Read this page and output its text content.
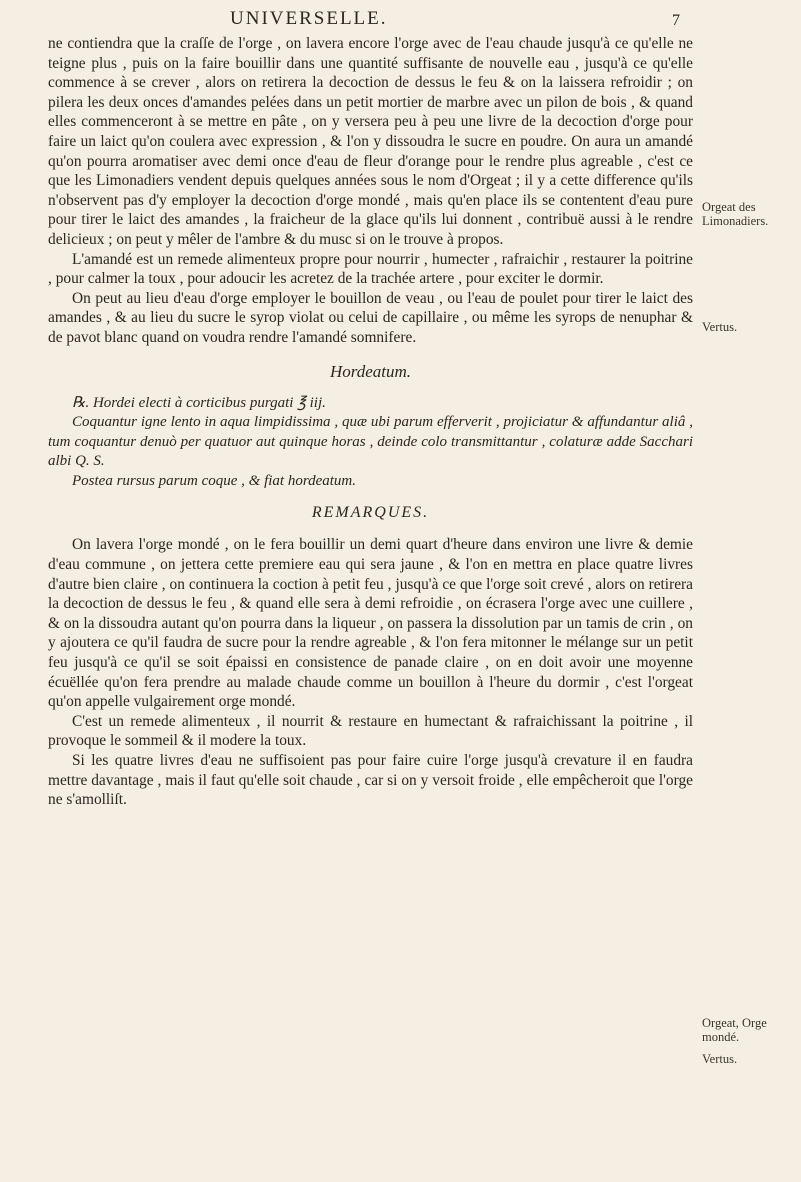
UNIVERSELLE.	7

ne contiendra que la craſſe de l'orge , on lavera encore l'orge avec de l'eau chaude jusqu'à ce qu'elle ne teigne plus , puis on la faire bouillir dans une quantité suffisante de nouvelle eau , jusqu'à ce qu'elle commence à se crever , alors on retirera la decoction de dessus le feu & on la laissera refroidir ; on pilera les deux onces d'amandes pelées dans un petit mortier de marbre avec un pilon de bois , & quand elles commenceront à se mettre en pâte , on y versera peu à peu une livre de la decoction d'orge pour faire un laict qu'on coulera avec expression , & l'on y dissoudra le sucre en poudre. On aura un amandé qu'on pourra aromatiser avec demi once d'eau de fleur d'orange pour le rendre plus agreable , c'est ce que les Limonadiers vendent depuis quelques années sous le nom d'Orgeat ; il y a cette difference qu'ils n'observent pas d'y employer la decoction d'orge mondé , mais qu'en place ils se contentent d'eau pure pour tirer le laict des amandes , la fraicheur de la glace qu'ils lui donnent , contribuë aussi à le rendre delicieux ; on peut y mêler de l'ambre & du musc si on le trouve à propos.

L'amandé est un remede alimenteux propre pour nourrir , humecter , rafraichir , restaurer la poitrine , pour calmer la toux , pour adoucir les acretez de la trachée artere , pour exciter le dormir.

On peut au lieu d'eau d'orge employer le bouillon de veau , ou l'eau de poulet pour tirer le laict des amandes , & au lieu du sucre le syrop violat ou celui de capillaire , ou même les syrops de nenuphar & de pavot blanc quand on voudra rendre l'amandé somnifere.

Hordeatum.

℞. Hordei electi à corticibus purgati ℥ iij.

Coquantur igne lento in aqua limpidissima , quæ ubi parum efferverit , projiciatur & affundantur aliâ , tum coquantur denuò per quatuor aut quinque horas , deinde colo transmittantur , colaturæ adde Sacchari albi Q. S.

Postea rursus parum coque , & fiat hordeatum.

REMARQUES.

On lavera l'orge mondé , on le fera bouillir un demi quart d'heure dans environ une livre & demie d'eau commune , on jettera cette premiere eau qui sera jaune , & l'on en mettra en place quatre livres d'autre bien claire , on continuera la coction à petit feu , jusqu'à ce que l'orge soit crevé , alors on retirera la decoction de dessus le feu , & quand elle sera à demi refroidie , on écrasera l'orge avec une cuillere , & on la dissoudra autant qu'on pourra dans la liqueur , on passera la dissolution par un tamis de crin , on y ajoutera ce qu'il faudra de sucre pour la rendre agreable , & l'on fera mitonner le mélange sur un petit feu jusqu'à ce qu'il se soit épaissi en consistence de panade claire , on en doit avoir une moyenne écuëllée qu'on fera prendre au malade chaude comme un bouillon à l'heure du dormir , c'est l'orgeat qu'on appelle vulgairement orge mondé.

C'est un remede alimenteux , il nourrit & restaure en humectant & rafraichissant la poitrine , il provoque le sommeil & il modere la toux.

Si les quatre livres d'eau ne suffisoient pas pour faire cuire l'orge jusqu'à crevature il en faudra mettre davantage , mais il faut qu'elle soit chaude , car si on y versoit froide , elle empêcheroit que l'orge ne s'amolliſt.

Orgeat des Limonadiers.
Vertus.
Orgeat, Orge mondé.
Vertus.
